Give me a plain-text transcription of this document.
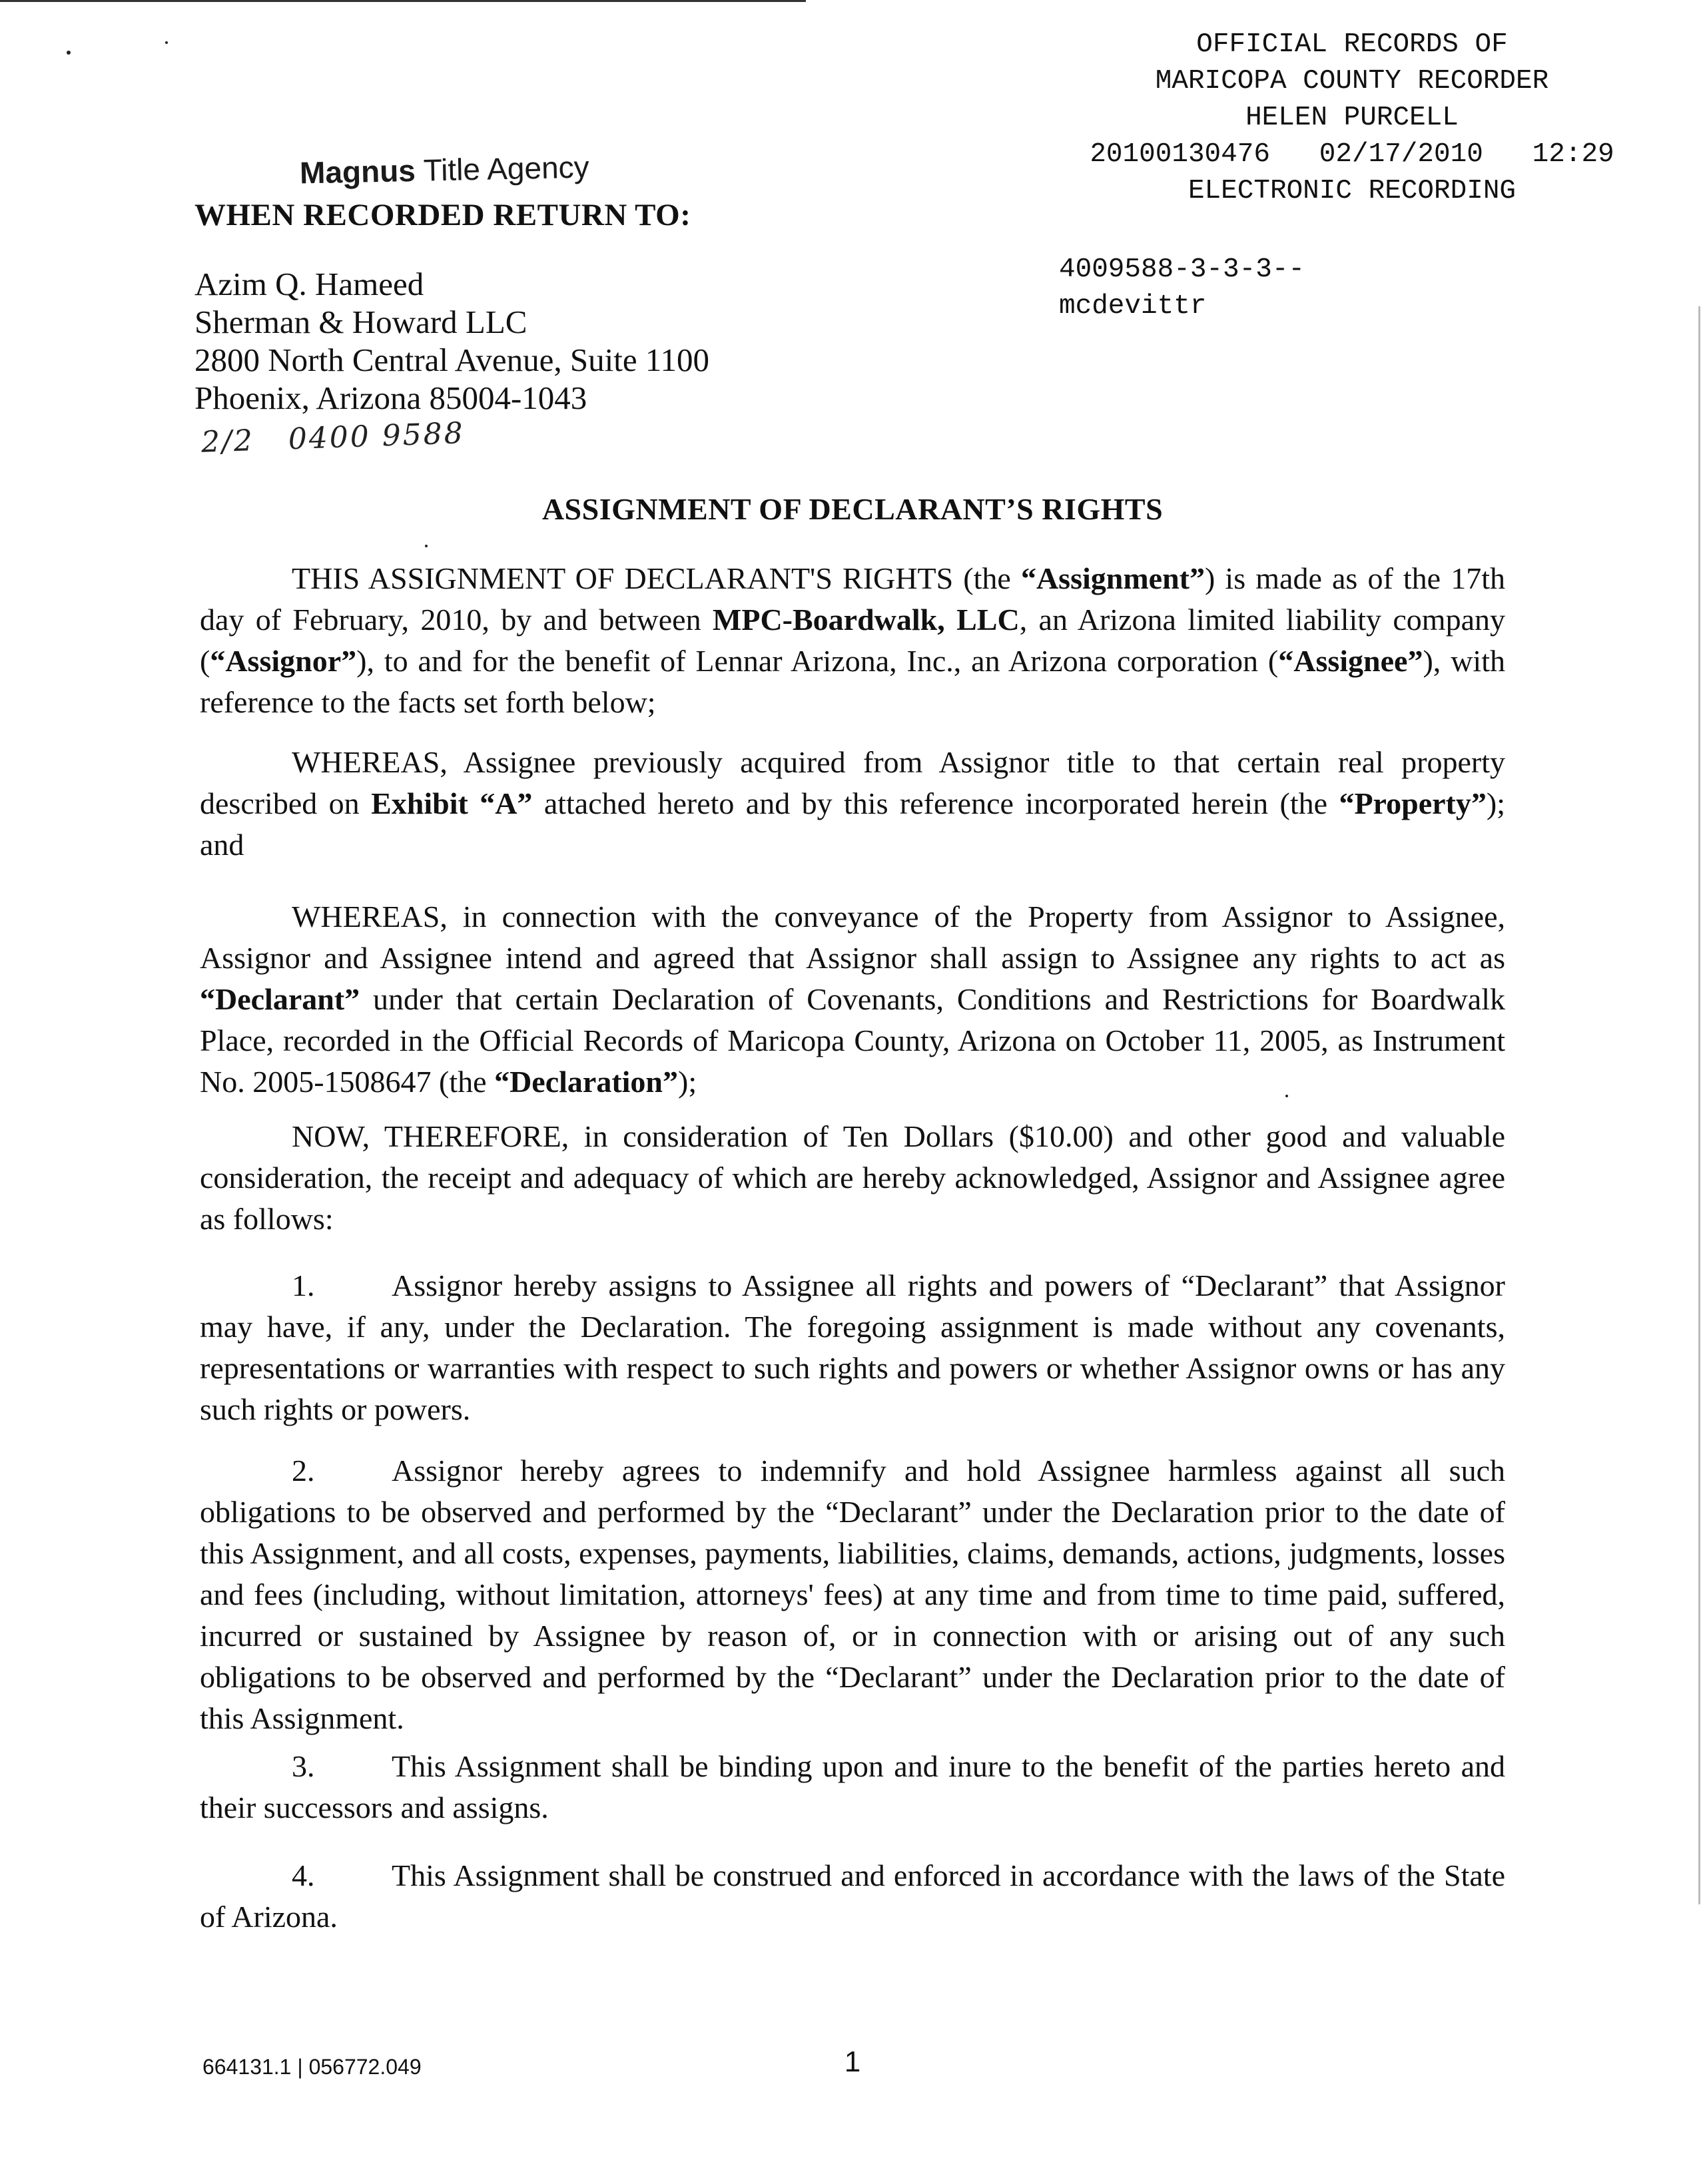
OFFICIAL RECORDS OF
MARICOPA COUNTY RECORDER
HELEN PURCELL
20100130476   02/17/2010   12:29
ELECTRONIC RECORDING
4009588-3-3-3--
mcdevittr
Magnus Title Agency
WHEN RECORDED RETURN TO:
Azim Q. Hameed
Sherman & Howard LLC
2800 North Central Avenue, Suite 1100
Phoenix, Arizona 85004-1043
2/2   0400 9588
ASSIGNMENT OF DECLARANT’S RIGHTS
THIS ASSIGNMENT OF DECLARANT'S RIGHTS (the “Assignment”) is made as of the 17th day of February, 2010, by and between MPC-Boardwalk, LLC, an Arizona limited liability company (“Assignor”), to and for the benefit of Lennar Arizona, Inc., an Arizona corporation (“Assignee”), with reference to the facts set forth below;
WHEREAS, Assignee previously acquired from Assignor title to that certain real property described on Exhibit “A” attached hereto and by this reference incorporated herein (the “Property”); and
WHEREAS, in connection with the conveyance of the Property from Assignor to Assignee, Assignor and Assignee intend and agreed that Assignor shall assign to Assignee any rights to act as “Declarant” under that certain Declaration of Covenants, Conditions and Restrictions for Boardwalk Place, recorded in the Official Records of Maricopa County, Arizona on October 11, 2005, as Instrument No. 2005-1508647 (the “Declaration”);
NOW, THEREFORE, in consideration of Ten Dollars ($10.00) and other good and valuable consideration, the receipt and adequacy of which are hereby acknowledged, Assignor and Assignee agree as follows:
1.	Assignor hereby assigns to Assignee all rights and powers of “Declarant” that Assignor may have, if any, under the Declaration. The foregoing assignment is made without any covenants, representations or warranties with respect to such rights and powers or whether Assignor owns or has any such rights or powers.
2.	Assignor hereby agrees to indemnify and hold Assignee harmless against all such obligations to be observed and performed by the “Declarant” under the Declaration prior to the date of this Assignment, and all costs, expenses, payments, liabilities, claims, demands, actions, judgments, losses and fees (including, without limitation, attorneys' fees) at any time and from time to time paid, suffered, incurred or sustained by Assignee by reason of, or in connection with or arising out of any such obligations to be observed and performed by the “Declarant” under the Declaration prior to the date of this Assignment.
3.	This Assignment shall be binding upon and inure to the benefit of the parties hereto and their successors and assigns.
4.	This Assignment shall be construed and enforced in accordance with the laws of the State of Arizona.
664131.1 | 056772.049	1
